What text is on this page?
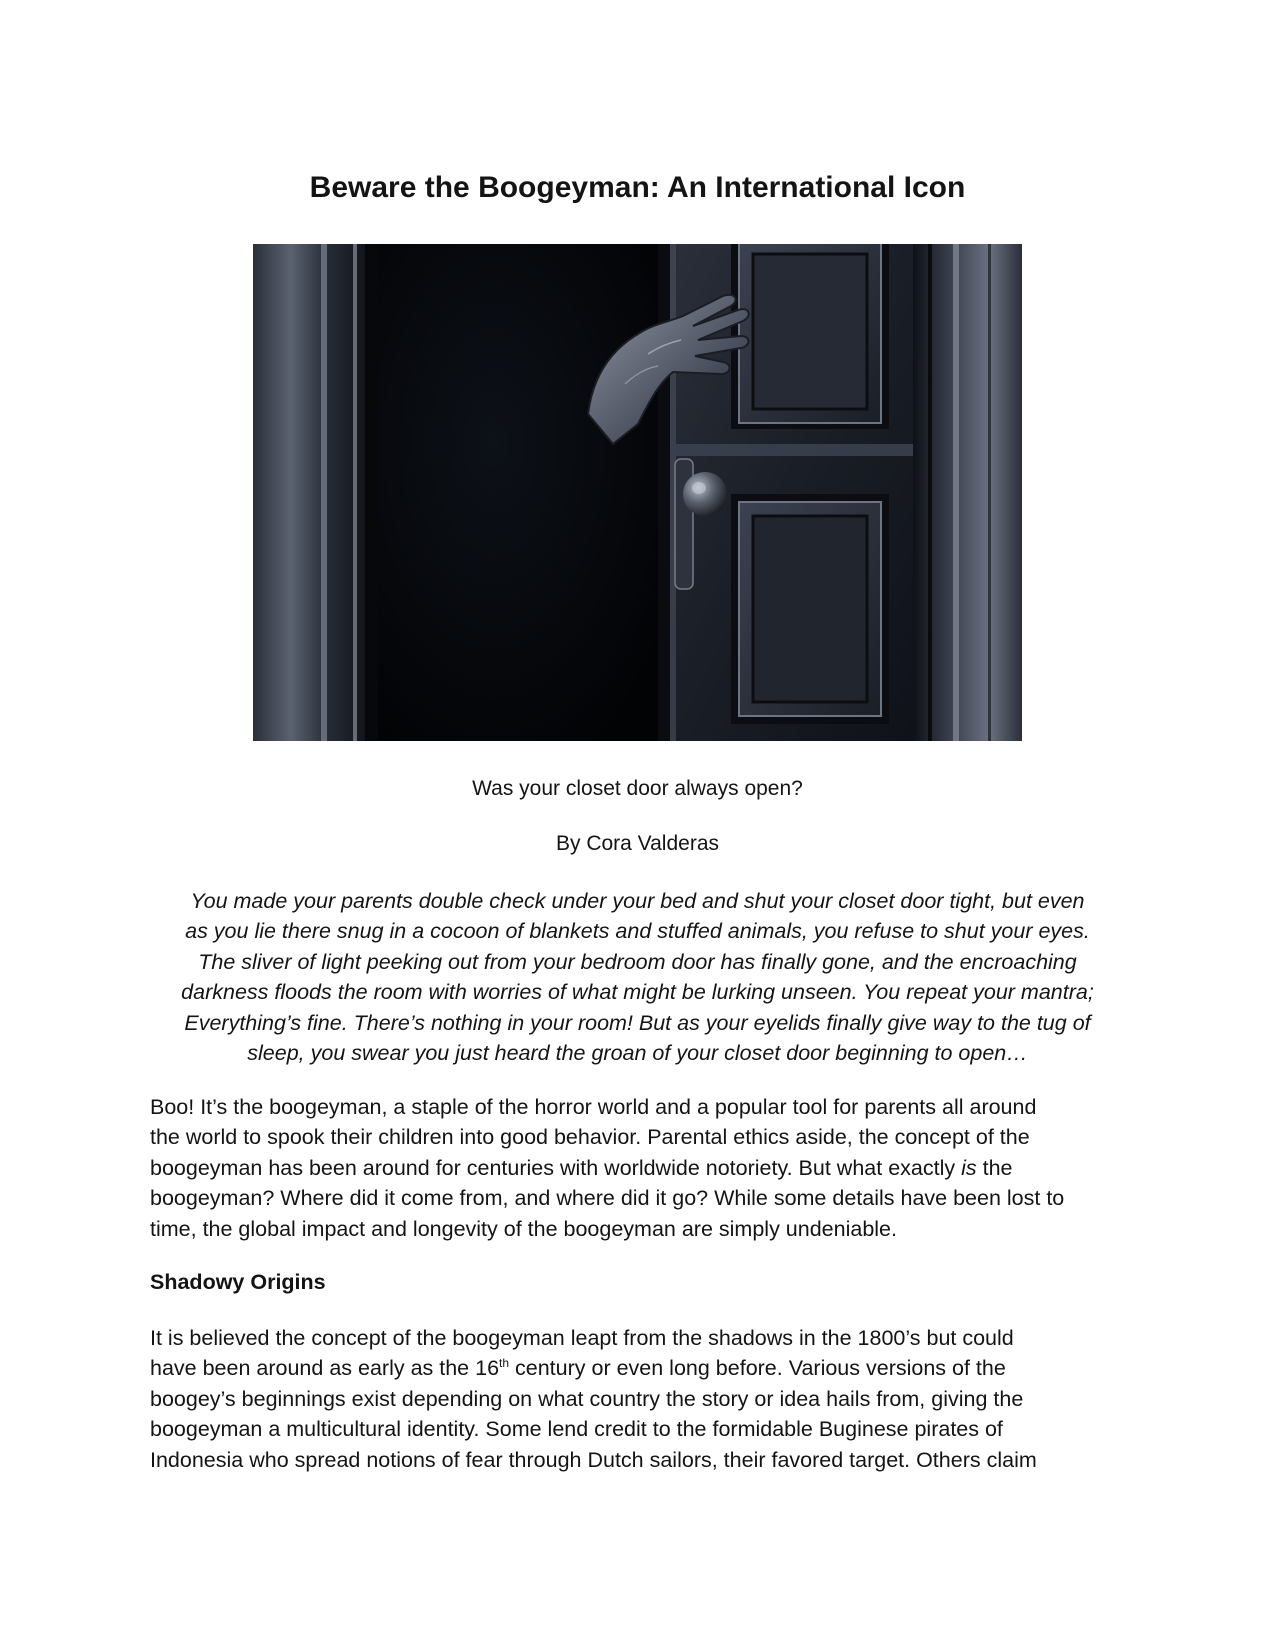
Beware the Boogeyman: An International Icon

Was your closet door always open?

By Cora Valderas

You made your parents double check under your bed and shut your closet door tight, but even
as you lie there snug in a cocoon of blankets and stuffed animals, you refuse to shut your eyes.
The sliver of light peeking out from your bedroom door has finally gone, and the encroaching
darkness floods the room with worries of what might be lurking unseen. You repeat your mantra;
Everything’s fine. There’s nothing in your room! But as your eyelids finally give way to the tug of
sleep, you swear you just heard the groan of your closet door beginning to open…

Boo! It’s the boogeyman, a staple of the horror world and a popular tool for parents all around
the world to spook their children into good behavior. Parental ethics aside, the concept of the
boogeyman has been around for centuries with worldwide notoriety. But what exactly is the
boogeyman? Where did it come from, and where did it go? While some details have been lost to
time, the global impact and longevity of the boogeyman are simply undeniable.

Shadowy Origins

It is believed the concept of the boogeyman leapt from the shadows in the 1800’s but could
have been around as early as the 16th century or even long before. Various versions of the
boogey’s beginnings exist depending on what country the story or idea hails from, giving the
boogeyman a multicultural identity. Some lend credit to the formidable Buginese pirates of
Indonesia who spread notions of fear through Dutch sailors, their favored target. Others claim
